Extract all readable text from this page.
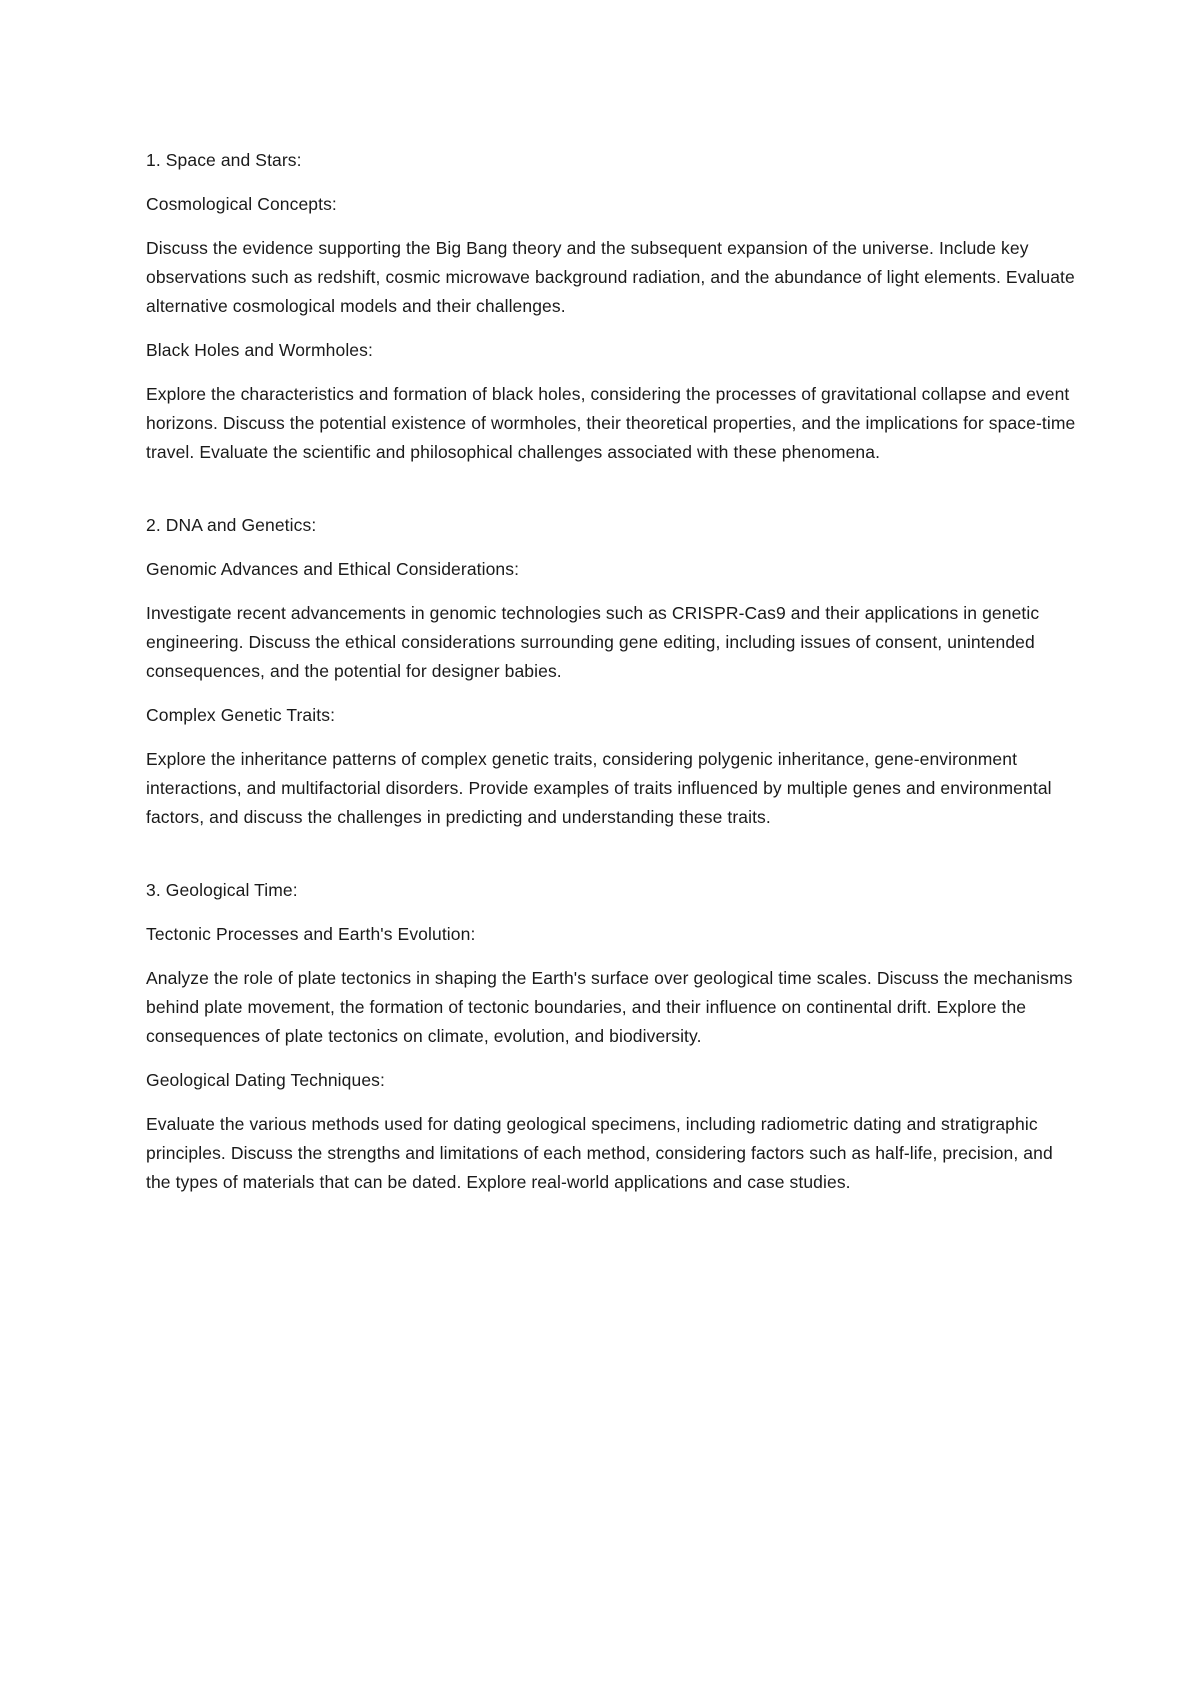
1. Space and Stars:

Cosmological Concepts:

Discuss the evidence supporting the Big Bang theory and the subsequent expansion of the universe. Include key observations such as redshift, cosmic microwave background radiation, and the abundance of light elements. Evaluate alternative cosmological models and their challenges.

Black Holes and Wormholes:

Explore the characteristics and formation of black holes, considering the processes of gravitational collapse and event horizons. Discuss the potential existence of wormholes, their theoretical properties, and the implications for space-time travel. Evaluate the scientific and philosophical challenges associated with these phenomena.

2. DNA and Genetics:

Genomic Advances and Ethical Considerations:

Investigate recent advancements in genomic technologies such as CRISPR-Cas9 and their applications in genetic engineering. Discuss the ethical considerations surrounding gene editing, including issues of consent, unintended consequences, and the potential for designer babies.

Complex Genetic Traits:

Explore the inheritance patterns of complex genetic traits, considering polygenic inheritance, gene-environment interactions, and multifactorial disorders. Provide examples of traits influenced by multiple genes and environmental factors, and discuss the challenges in predicting and understanding these traits.

3. Geological Time:

Tectonic Processes and Earth's Evolution:

Analyze the role of plate tectonics in shaping the Earth's surface over geological time scales. Discuss the mechanisms behind plate movement, the formation of tectonic boundaries, and their influence on continental drift. Explore the consequences of plate tectonics on climate, evolution, and biodiversity.

Geological Dating Techniques:

Evaluate the various methods used for dating geological specimens, including radiometric dating and stratigraphic principles. Discuss the strengths and limitations of each method, considering factors such as half-life, precision, and the types of materials that can be dated. Explore real-world applications and case studies.
